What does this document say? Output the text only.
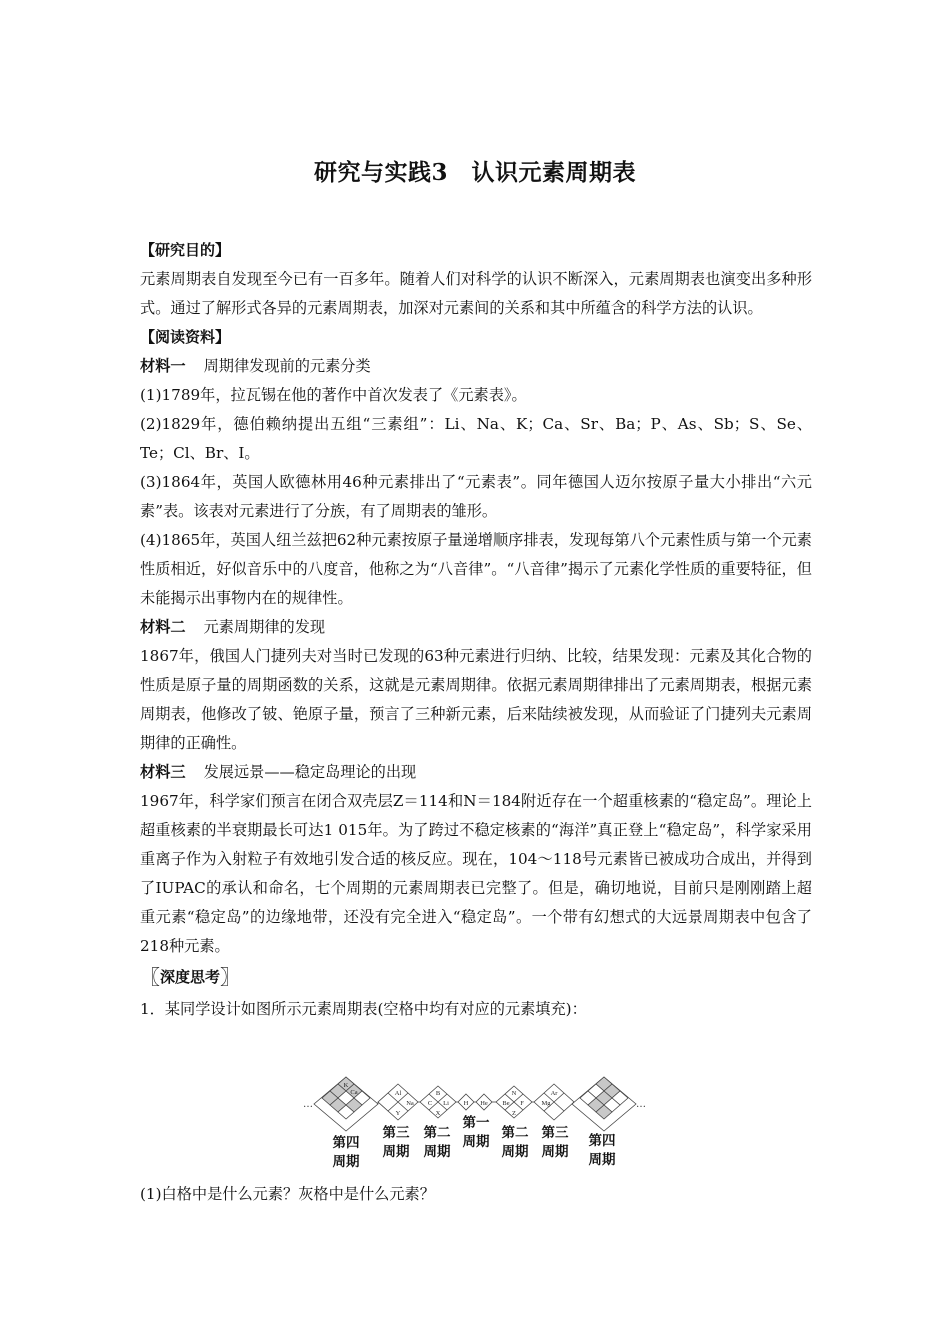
研究与实践3　认识元素周期表

【研究目的】

元素周期表自发现至今已有一百多年。随着人们对科学的认识不断深入，元素周期表也演变出多种形式。通过了解形式各异的元素周期表，加深对元素间的关系和其中所蕴含的科学方法的认识。

【阅读资料】

材料一 周期律发现前的元素分类

(1)1789年，拉瓦锡在他的著作中首次发表了《元素表》。

(2)1829年，德伯赖纳提出五组“三素组”：Li、Na、K；Ca、Sr、Ba；P、As、Sb；S、Se、Te；Cl、Br、I。

(3)1864年，英国人欧德林用46种元素排出了“元素表”。同年德国人迈尔按原子量大小排出“六元素”表。该表对元素进行了分族，有了周期表的雏形。

(4)1865年，英国人纽兰兹把62种元素按原子量递增顺序排表，发现每第八个元素性质与第一个元素性质相近，好似音乐中的八度音，他称之为“八音律”。“八音律”揭示了元素化学性质的重要特征，但未能揭示出事物内在的规律性。

材料二 元素周期律的发现

1867年，俄国人门捷列夫对当时已发现的63种元素进行归纳、比较，结果发现：元素及其化合物的性质是原子量的周期函数的关系，这就是元素周期律。依据元素周期律排出了元素周期表，根据元素周期表，他修改了铍、铯原子量，预言了三种新元素，后来陆续被发现，从而验证了门捷列夫元素周期律的正确性。

材料三 发展远景——稳定岛理论的出现

1967年，科学家们预言在闭合双壳层Z＝114和N＝184附近存在一个超重核素的“稳定岛”。理论上超重核素的半衰期最长可达1 015年。为了跨过不稳定核素的“海洋”真正登上“稳定岛”，科学家采用重离子作为入射粒子有效地引发合适的核反应。现在，104～118号元素皆已被成功合成出，并得到了IUPAC的承认和命名，七个周期的元素周期表已完整了。但是，确切地说，目前只是刚刚踏上超重元素“稳定岛”的边缘地带，还没有完全进入“稳定岛”。一个带有幻想式的大远景周期表中包含了218种元素。

〖深度思考〗

1．某同学设计如图所示元素周期表(空格中均有对应的元素填充)：

K
Ca	Al
Y
Na
B
C Li
X
H He Be F
Z
N
Mg
Ar
…	…
第四
周期
第三
周期
第二
周期
第一
周期
第二
周期
第三
周期
第四
周期
(1)白格中是什么元素？灰格中是什么元素？
